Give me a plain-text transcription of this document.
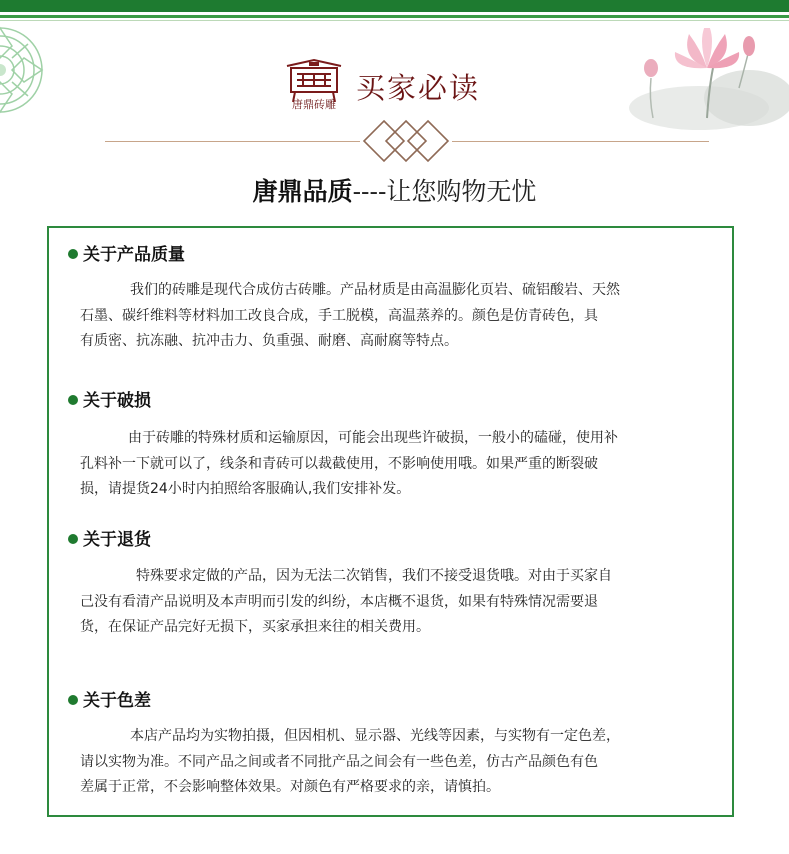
唐鼎砖雕 买家必读
唐鼎品质----让您购物无忧
关于产品质量

我们的砖雕是现代合成仿古砖雕。产品材质是由高温膨化页岩、硫铝酸岩、天然
石墨、碳纤维料等材料加工改良合成，手工脱模，高温蒸养的。颜色是仿青砖色，具
有质密、抗冻融、抗冲击力、负重强、耐磨、高耐腐等特点。

关于破损

由于砖雕的特殊材质和运输原因，可能会出现些许破损，一般小的磕碰，使用补
孔料补一下就可以了，线条和青砖可以裁截使用，不影响使用哦。如果严重的断裂破
损，请提货24小时内拍照给客服确认,我们安排补发。

关于退货

特殊要求定做的产品，因为无法二次销售，我们不接受退货哦。对由于买家自
己没有看清产品说明及本声明而引发的纠纷，本店概不退货，如果有特殊情况需要退
货，在保证产品完好无损下，买家承担来往的相关费用。

关于色差

本店产品均为实物拍摄，但因相机、显示器、光线等因素，与实物有一定色差，
请以实物为准。不同产品之间或者不同批产品之间会有一些色差，仿古产品颜色有色
差属于正常，不会影响整体效果。对颜色有严格要求的亲，请慎拍。
